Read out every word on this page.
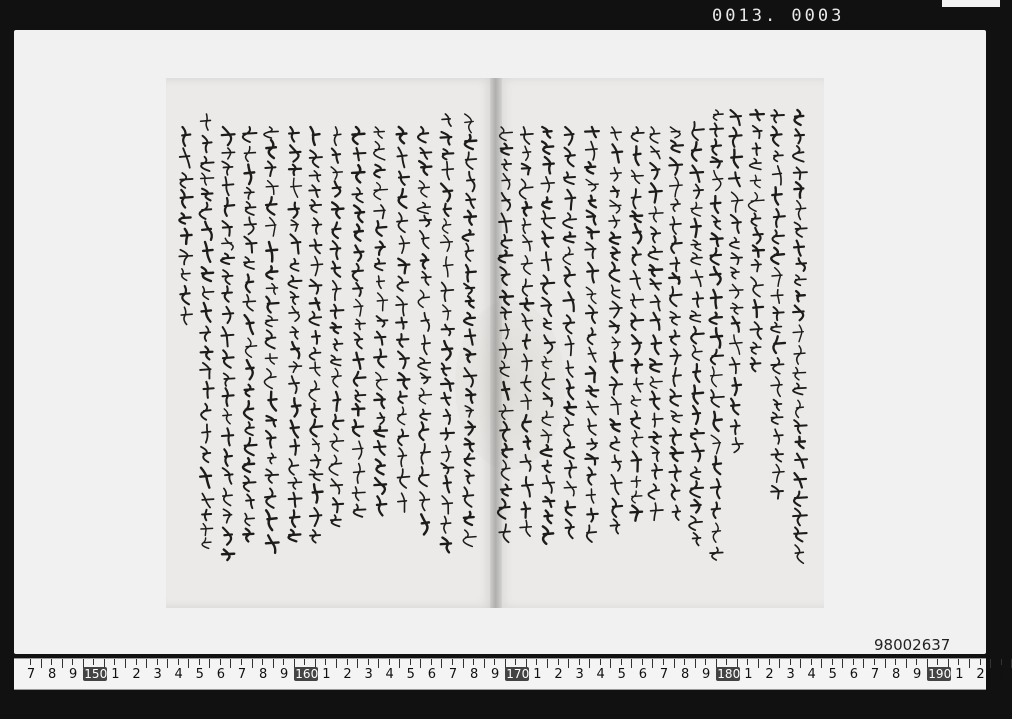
0013. 0003
98002637
7 8 9 150 1 2 3 4 5 6 7 8 9 160 1 2 3 4 5 6 7 8 9 170 1 2 3 4 5 6 7 8 9 180 1 2 3 4 5 6 7 8 9 190 1 2 3
